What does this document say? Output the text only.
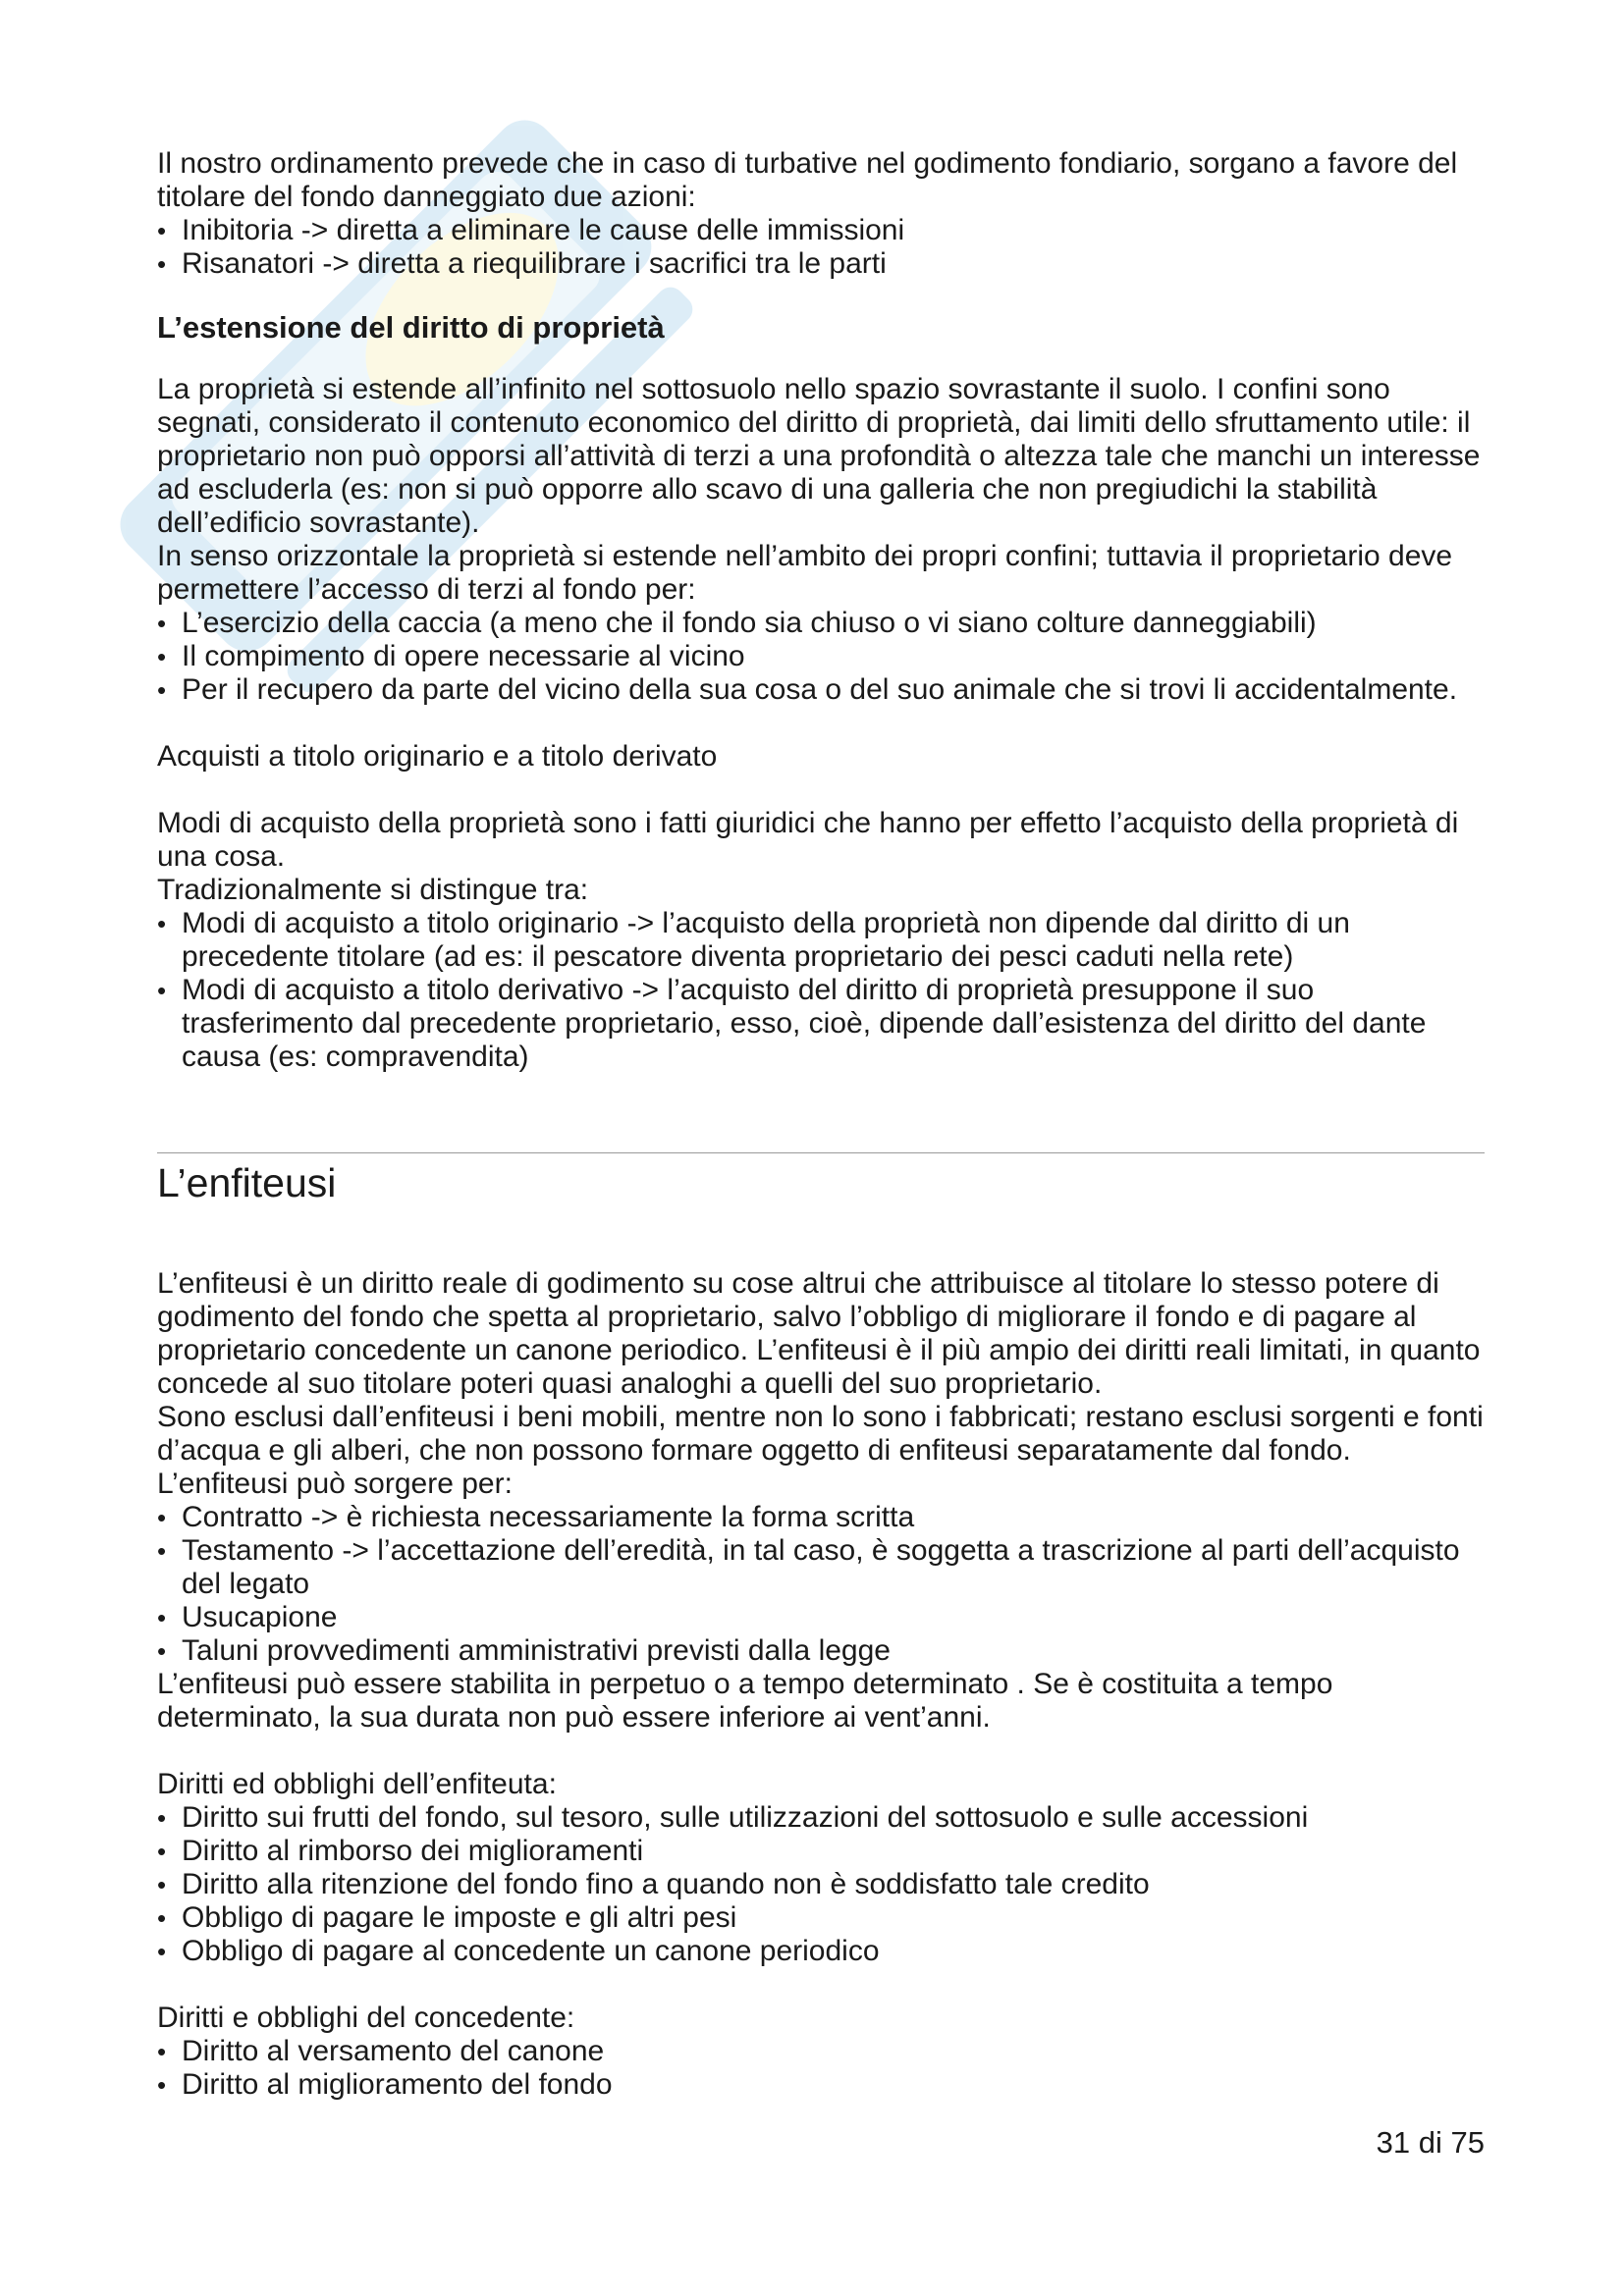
Il nostro ordinamento prevede che in caso di turbative nel godimento fondiario, sorgano a favore del titolare del fondo danneggiato due azioni:

• Inibitoria -> diretta a eliminare le cause delle immissioni
• Risanatori -> diretta a riequilibrare i sacrifici tra le parti
L’estensione del diritto di proprietà

La proprietà si estende all’infinito nel sottosuolo nello spazio sovrastante il suolo. I confini sono segnati, considerato il contenuto economico del diritto di proprietà, dai limiti dello sfruttamento utile: il proprietario non può opporsi all’attività di terzi a una profondità o altezza tale che manchi un interesse ad escluderla (es: non si può opporre allo scavo di una galleria che non pregiudichi la stabilità dell’edificio sovrastante).

In senso orizzontale la proprietà si estende nell’ambito dei propri confini; tuttavia il proprietario deve permettere l’accesso di terzi al fondo per:

• L’esercizio della caccia (a meno che il fondo sia chiuso o vi siano colture danneggiabili)
• Il compimento di opere necessarie al vicino
• Per il recupero da parte del vicino della sua cosa o del suo animale che si trovi li accidentalmente.

Acquisti a titolo originario e a titolo derivato

Modi di acquisto della proprietà sono i fatti giuridici che hanno per effetto l’acquisto della proprietà di una cosa.

Tradizionalmente si distingue tra:

• Modi di acquisto a titolo originario -> l’acquisto della proprietà non dipende dal diritto di un precedente titolare (ad es: il pescatore diventa proprietario dei pesci caduti nella rete)
• Modi di acquisto a titolo derivativo -> l’acquisto del diritto di proprietà presuppone il suo trasferimento dal precedente proprietario, esso, cioè, dipende dall’esistenza del diritto del dante causa (es: compravendita)
L’enfiteusi

L’enfiteusi è un diritto reale di godimento su cose altrui che attribuisce al titolare lo stesso potere di godimento del fondo che spetta al proprietario, salvo l’obbligo di migliorare il fondo e di pagare al proprietario concedente un canone periodico. L’enfiteusi è il più ampio dei diritti reali limitati, in quanto concede al suo titolare poteri quasi analoghi a quelli del suo proprietario.

Sono esclusi dall’enfiteusi i beni mobili, mentre non lo sono i fabbricati; restano esclusi sorgenti e fonti d’acqua e gli alberi, che non possono formare oggetto di enfiteusi separatamente dal fondo.

L’enfiteusi può sorgere per:

• Contratto -> è richiesta necessariamente la forma scritta
• Testamento -> l’accettazione dell’eredità, in tal caso, è soggetta a trascrizione al parti dell’acquisto del legato
• Usucapione
• Taluni provvedimenti amministrativi previsti dalla legge

L’enfiteusi può essere stabilita in perpetuo o a tempo determinato . Se è costituita a tempo determinato, la sua durata non può essere inferiore ai vent’anni.

Diritti ed obblighi dell’enfiteuta:

• Diritto sui frutti del fondo, sul tesoro, sulle utilizzazioni del sottosuolo e sulle accessioni
• Diritto al rimborso dei miglioramenti
• Diritto alla ritenzione del fondo fino a quando non è soddisfatto tale credito
• Obbligo di pagare le imposte e gli altri pesi
• Obbligo di pagare al concedente un canone periodico

Diritti e obblighi del concedente:

• Diritto al versamento del canone
• Diritto al miglioramento del fondo
31 di 75
